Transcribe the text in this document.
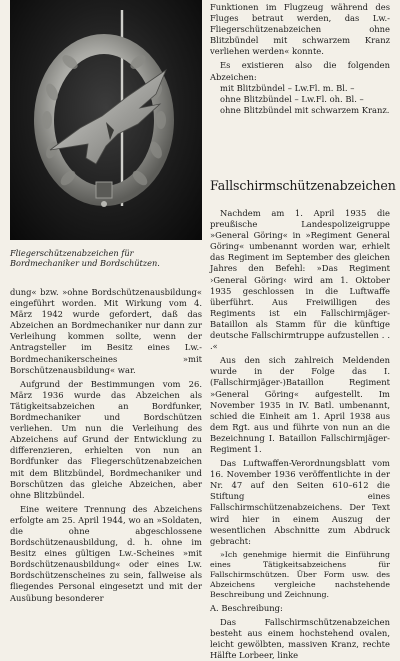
Fliegerschützenabzeichen für Bordmechaniker und Bordschützen.

dung« bzw. »ohne Bordschützenausbildung« eingeführt worden. Mit Wirkung vom 4. März 1942 wurde gefordert, daß das Abzeichen an Bordmechaniker nur dann zur Verleihung kommen sollte, wenn der Antragsteller im Besitz eines Lw.-Bordmechanikerscheines »mit Borschützenausbildung« war.

Aufgrund der Bestimmungen vom 26. März 1936 wurde das Abzeichen als Tätigkeitsabzeichen an Bordfunker, Bordmechaniker und Bordschützen verliehen. Um nun die Verleihung des Abzeichens auf Grund der Entwicklung zu differenzieren, erhielten von nun an Bordfunker das Fliegerschützenabzeichen mit dem Blitzbündel, Bordmechaniker und Borschützen das gleiche Abzeichen, aber ohne Blitzbündel.

Eine weitere Trennung des Abzeichens erfolgte am 25. April 1944, wo an »Soldaten, die ohne abgeschlossene Bordschützenausbildung, d. h. ohne im Besitz eines gültigen Lw.-Scheines »mit Bordschützenausbildung« oder eines Lw. Bordschützenscheines zu sein, fallweise als fliegendes Personal eingesetzt und mit der Ausübung besonderer

Funktionen im Flugzeug während des Fluges betraut werden, das Lw.-Fliegerschützenabzeichen ohne Blitzbündel mit schwarzem Kranz verliehen werden« konnte.

Es existieren also die folgenden Abzeichen:

mit Blitzbündel – Lw.Fl. m. Bl. –
ohne Blitzbündel – Lw.Fl. oh. Bl. –
ohne Blitzbündel mit schwarzem Kranz.
Fallschirmschützenabzeichen

Nachdem am 1. April 1935 die preußische Landespolizeigruppe »General Göring« in »Regiment General Göring« umbenannt worden war, erhielt das Regiment im September des gleichen Jahres den Befehl: »Das Regiment ›General Göring‹ wird am 1. Oktober 1935 geschlossen in die Luftwaffe überführt. Aus Freiwilligen des Regiments ist ein Fallschirmjäger-Bataillon als Stamm für die künftige deutsche Fallschirmtruppe aufzustellen . . .«

Aus den sich zahlreich Meldenden wurde in der Folge das I. (Fallschirmjäger-)Bataillon Regiment »General Göring« aufgestellt. Im November 1935 in IV. Batl. umbenannt, schied die Einheit am 1. April 1938 aus dem Rgt. aus und führte von nun an die Bezeichnung I. Bataillon Fallschirmjäger-Regiment 1.

Das Luftwaffen-Verordnungsblatt vom 16. November 1936 veröffentlichte in der Nr. 47 auf den Seiten 610–612 die Stiftung eines Fallschirmschützenabzeichens. Der Text wird hier in einem Auszug der wesentlichen Abschnitte zum Abdruck gebracht:

»Ich genehmige hiermit die Einführung eines Tätigkeitsabzeichens für Fallschirmschützen. Über Form usw. des Abzeichens vergleiche nachstehende Beschreibung und Zeichnung.

A. Beschreibung:

Das Fallschirmschützenabzeichen besteht aus einem hochstehend ovalen, leicht gewölbten, massiven Kranz, rechte Hälfte Lorbeer, linke
